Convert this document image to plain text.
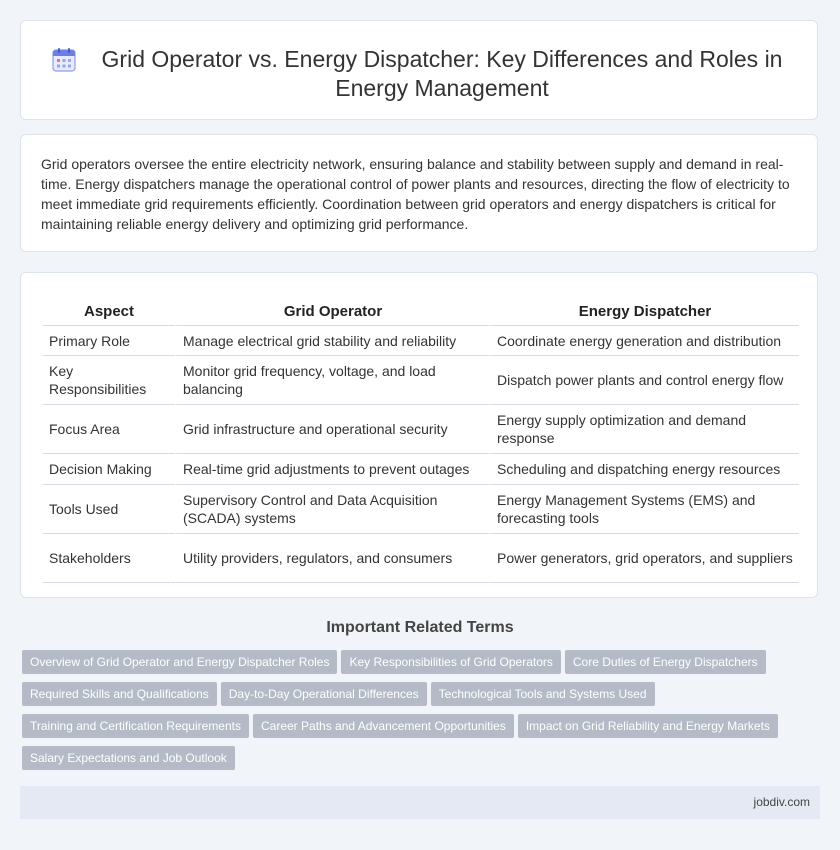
Grid Operator vs. Energy Dispatcher: Key Differences and Roles in Energy Management

Grid operators oversee the entire electricity network, ensuring balance and stability between supply and demand in real-time. Energy dispatchers manage the operational control of power plants and resources, directing the flow of electricity to meet immediate grid requirements efficiently. Coordination between grid operators and energy dispatchers is critical for maintaining reliable energy delivery and optimizing grid performance.

Aspect	Grid Operator	Energy Dispatcher
Primary Role	Manage electrical grid stability and reliability	Coordinate energy generation and distribution
Key Responsibilities	Monitor grid frequency, voltage, and load balancing	Dispatch power plants and control energy flow
Focus Area	Grid infrastructure and operational security	Energy supply optimization and demand response
Decision Making	Real-time grid adjustments to prevent outages	Scheduling and dispatching energy resources
Tools Used	Supervisory Control and Data Acquisition (SCADA) systems	Energy Management Systems (EMS) and forecasting tools
Stakeholders	Utility providers, regulators, and consumers	Power generators, grid operators, and suppliers
Important Related Terms
Overview of Grid Operator and Energy Dispatcher Roles Key Responsibilities of Grid Operators Core Duties of Energy DispatchersRequired Skills and Qualifications Day-to-Day Operational Differences Technological Tools and Systems UsedTraining and Certification Requirements Career Paths and Advancement Opportunities Impact on Grid Reliability and Energy MarketsSalary Expectations and Job Outlook
jobdiv.com
